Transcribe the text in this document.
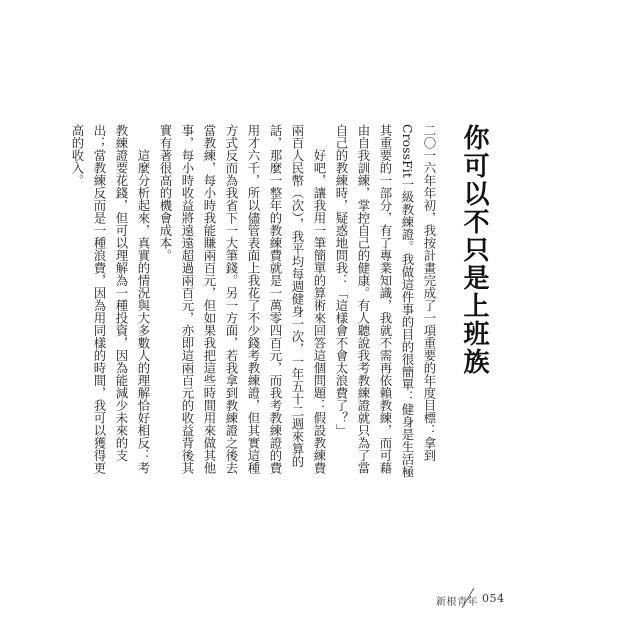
你可以不只是上班族

二〇一六年年初，我按計畫完成了一項重要的年度目標：拿到CrossFit一級教練證。我做這件事的目的很簡單：健身是生活極其重要的一部分，有了專業知識，我就不需再依賴教練，而可藉由自我訓練，掌控自己的健康。有人聽說我考教練證就只為了當自己的教練時，疑惑地問我：「這樣會不會太浪費了？」

好吧，讓我用一筆簡單的算術來回答這個問題：假設教練費兩百人民幣（次），我平均每週健身一次，一年五十二週來算的話，那麼一整年的教練費就是一萬零四百元，而我考教練證的費用才六千，所以儘管表面上我花了不少錢考教練證，但其實這種方式反而為我省下一大筆錢。另一方面，若我拿到教練證之後去當教練，每小時我能賺兩百元，但如果我把這些時間用來做其他事，每小時收益將遠遠超過兩百元，亦即這兩百元的收益背後其實有著很高的機會成本。

這麼分析起來，真實的情況與大多數人的理解恰好相反：考教練證要花錢，但可以理解為一種投資，因為能減少未來的支出；當教練反而是一種浪費，因為用同樣的時間，我可以獲得更高的收入。

新根青年 054
